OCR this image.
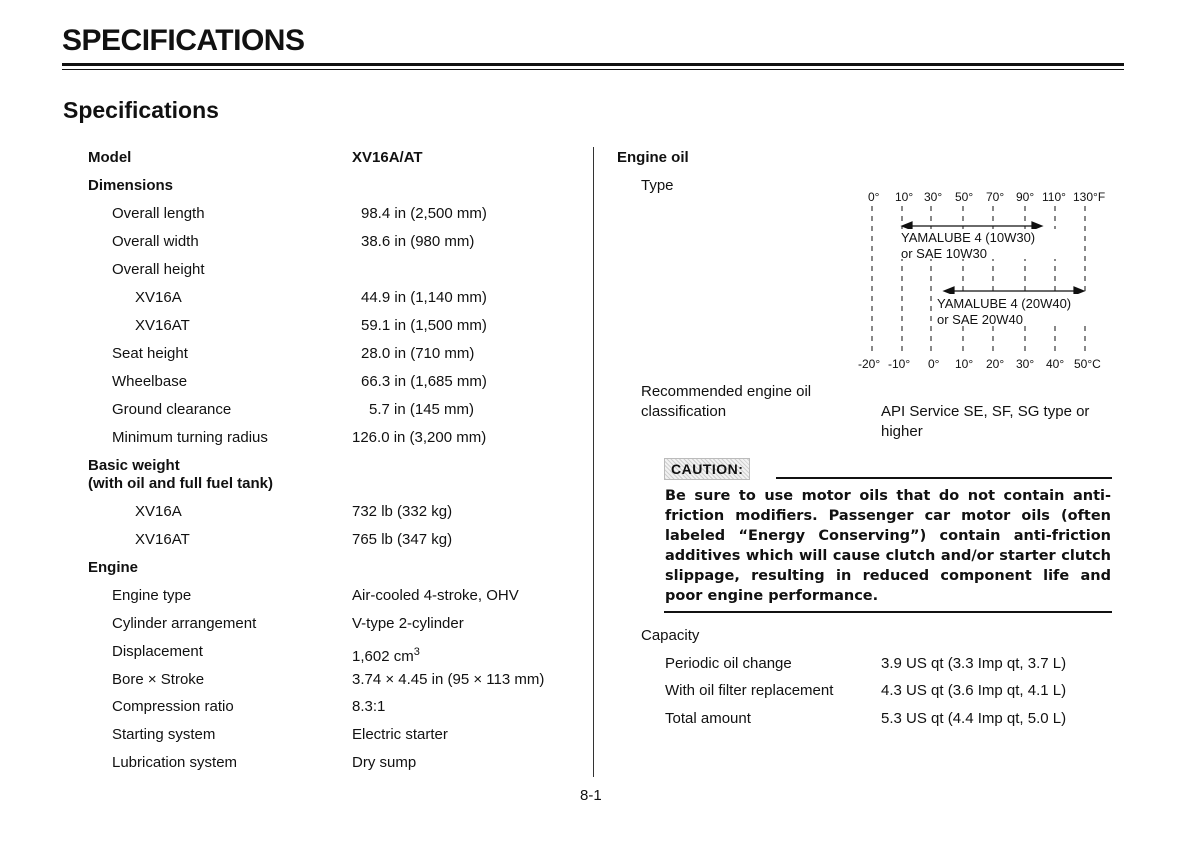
SPECIFICATIONS
Specifications
Model	XV16A/AT
Dimensions
Overall length	98.4 in (2,500 mm)
Overall width	38.6 in (980 mm)
Overall height
XV16A	44.9 in (1,140 mm)
XV16AT	59.1 in (1,500 mm)
Seat height	28.0 in (710 mm)
Wheelbase	66.3 in (1,685 mm)
Ground clearance	5.7 in (145 mm)
Minimum turning radius	126.0 in (3,200 mm)
Basic weight
(with oil and full fuel tank)
XV16A	732 lb (332 kg)
XV16AT	765 lb (347 kg)
Engine
Engine type	Air-cooled 4-stroke, OHV
Cylinder arrangement	V-type 2-cylinder
Displacement	1,602 $cm^3$
Bore × Stroke	3.74 × 4.45 in (95 × 113 mm)
Compression ratio	8.3:1
Starting system	Electric starter
Lubrication system	Dry sump
Engine oil
Type
0° 10° 30° 50° 70° 90° 110° 130°F
YAMALUBE 4 (10W30)
or SAE 10W30
YAMALUBE 4 (20W40)
or SAE 20W40
-20° -10° 0° 10° 20° 30° 40° 50°C
Recommended engine oil
classification	API Service SE, SF, SG type or
higher
CAUTION:
Be sure to use motor oils that do not contain anti-friction modifiers. Passenger car motor oils (often labeled “Energy Conserving”) contain anti-friction additives which will cause clutch and/or starter clutch slippage, resulting in reduced component life and poor engine performance.
Capacity
Periodic oil change	3.9 US qt (3.3 Imp qt, 3.7 L)
With oil filter replacement	4.3 US qt (3.6 Imp qt, 4.1 L)
Total amount	5.3 US qt (4.4 Imp qt, 5.0 L)
8-1
